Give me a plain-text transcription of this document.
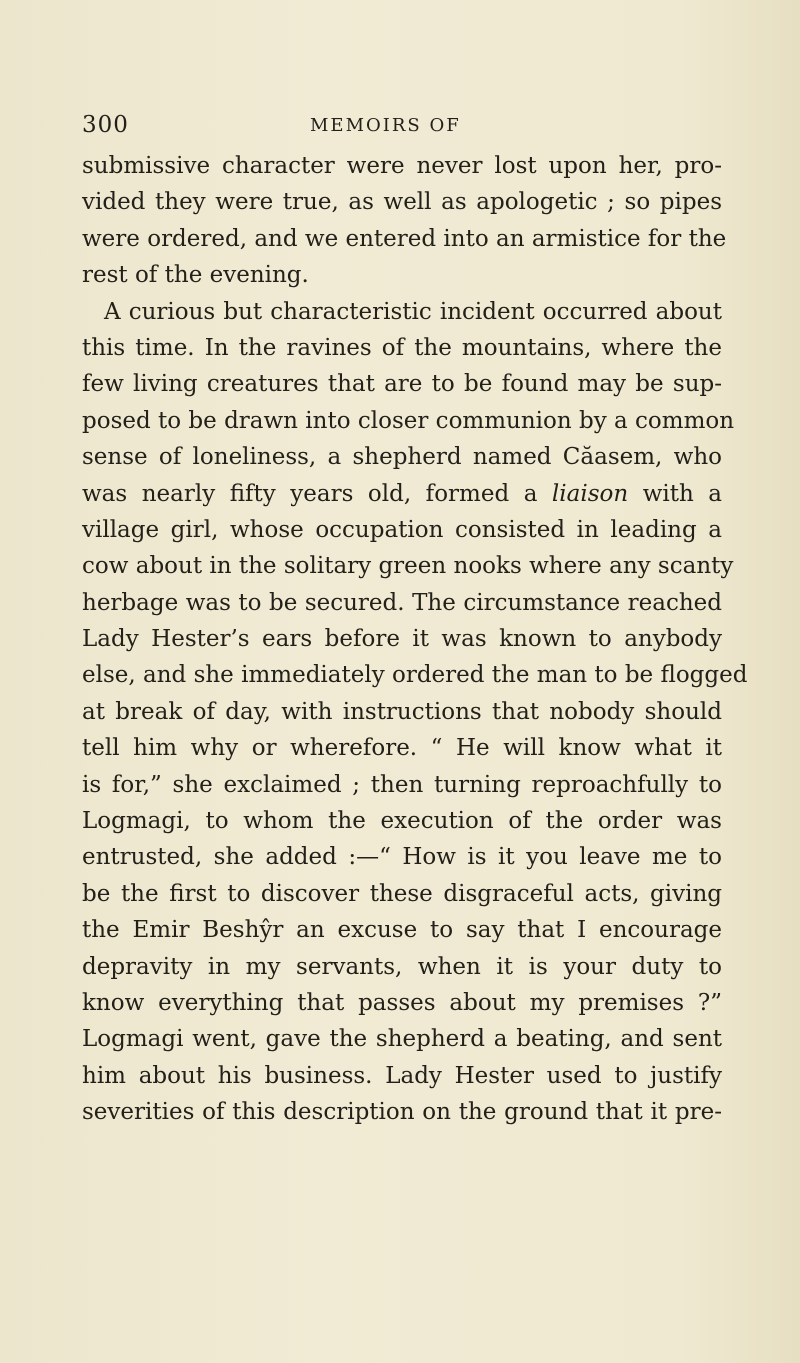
300	MEMOIRS OF
submissive character were never lost upon her, pro-
vided they were true, as well as apologetic ; so pipes
were ordered, and we entered into an armistice for the
rest of the evening.
A curious but characteristic incident occurred about
this time. In the ravines of the mountains, where the
few living creatures that are to be found may be sup-
posed to be drawn into closer communion by a common
sense of loneliness, a shepherd named Căasem, who
was nearly fifty years old, formed a liaison with a
village girl, whose occupation consisted in leading a
cow about in the solitary green nooks where any scanty
herbage was to be secured. The circumstance reached
Lady Hester’s ears before it was known to anybody
else, and she immediately ordered the man to be flogged
at break of day, with instructions that nobody should
tell him why or wherefore. “ He will know what it
is for,” she exclaimed ; then turning reproachfully to
Logmagi, to whom the execution of the order was
entrusted, she added :—“ How is it you leave me to
be the first to discover these disgraceful acts, giving
the Emir Beshŷr an excuse to say that I encourage
depravity in my servants, when it is your duty to
know everything that passes about my premises ?”
Logmagi went, gave the shepherd a beating, and sent
him about his business. Lady Hester used to justify
severities of this description on the ground that it pre-
